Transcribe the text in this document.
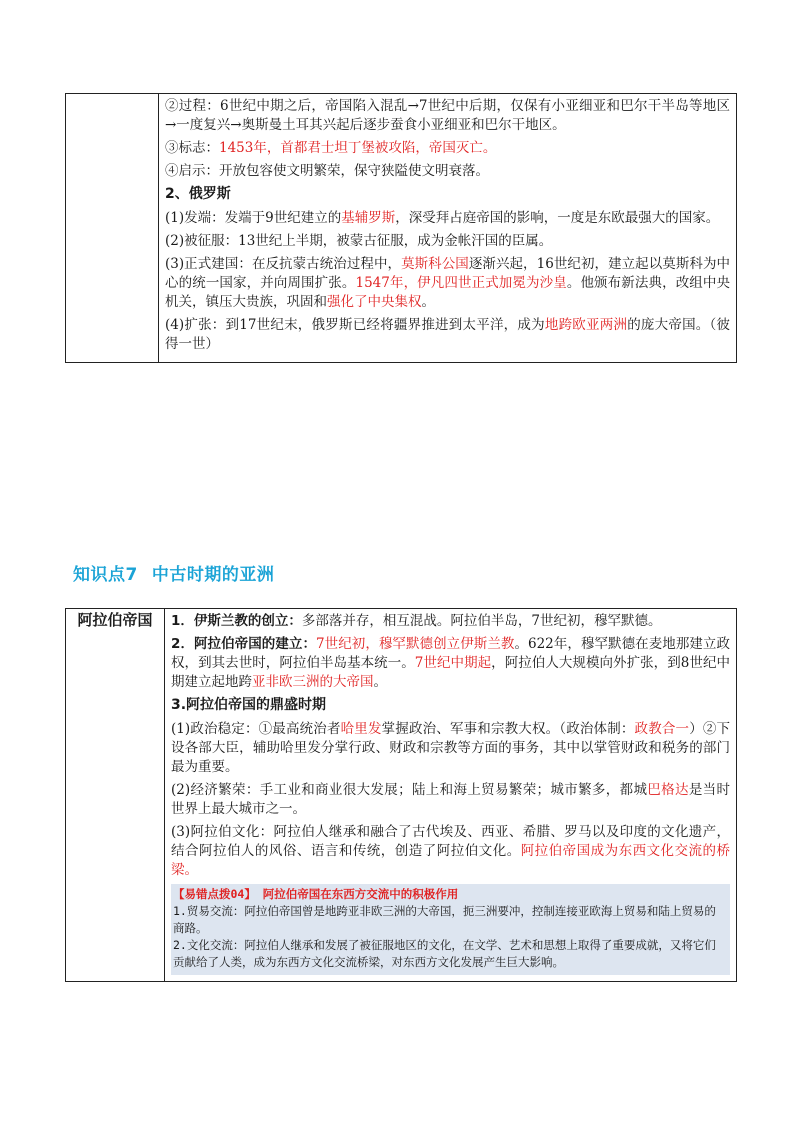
②过程：6世纪中期之后，帝国陷入混乱→7世纪中后期，仅保有小亚细亚和巴尔干半岛等地区→一度复兴→奥斯曼土耳其兴起后逐步蚕食小亚细亚和巴尔干地区。

③标志：1453年，首都君士坦丁堡被攻陷，帝国灭亡。

④启示：开放包容使文明繁荣，保守狭隘使文明衰落。

2、俄罗斯

(1)发端：发端于9世纪建立的基辅罗斯，深受拜占庭帝国的影响，一度是东欧最强大的国家。

(2)被征服：13世纪上半期，被蒙古征服，成为金帐汗国的臣属。

(3)正式建国：在反抗蒙古统治过程中，莫斯科公国逐渐兴起，16世纪初，建立起以莫斯科为中心的统一国家，并向周围扩张。1547年，伊凡四世正式加冕为沙皇。他颁布新法典，改组中央机关，镇压大贵族，巩固和强化了中央集权。

(4)扩张：到17世纪末，俄罗斯已经将疆界推进到太平洋，成为地跨欧亚两洲的庞大帝国。（彼得一世）

知识点7 中古时期的亚洲
阿拉伯帝国	1．伊斯兰教的创立：多部落并存，相互混战。阿拉伯半岛，7世纪初，穆罕默德。

2．阿拉伯帝国的建立：7世纪初，穆罕默德创立伊斯兰教。622年，穆罕默德在麦地那建立政权，到其去世时，阿拉伯半岛基本统一。7世纪中期起，阿拉伯人大规模向外扩张，到8世纪中期建立起地跨亚非欧三洲的大帝国。

3.阿拉伯帝国的鼎盛时期

(1)政治稳定：①最高统治者哈里发掌握政治、军事和宗教大权。（政治体制：政教合一）②下设各部大臣，辅助哈里发分掌行政、财政和宗教等方面的事务，其中以掌管财政和税务的部门最为重要。

(2)经济繁荣：手工业和商业很大发展；陆上和海上贸易繁荣；城市繁多，都城巴格达是当时世界上最大城市之一。

(3)阿拉伯文化：阿拉伯人继承和融合了古代埃及、西亚、希腊、罗马以及印度的文化遗产，结合阿拉伯人的风俗、语言和传统，创造了阿拉伯文化。阿拉伯帝国成为东西文化交流的桥梁。

【易错点拨04】 阿拉伯帝国在东西方交流中的积极作用

1.贸易交流：阿拉伯帝国曾是地跨亚非欧三洲的大帝国，扼三洲要冲，控制连接亚欧海上贸易和陆上贸易的商路。

2.文化交流：阿拉伯人继承和发展了被征服地区的文化，在文学、艺术和思想上取得了重要成就，又将它们贡献给了人类，成为东西方文化交流桥梁，对东西方文化发展产生巨大影响。
